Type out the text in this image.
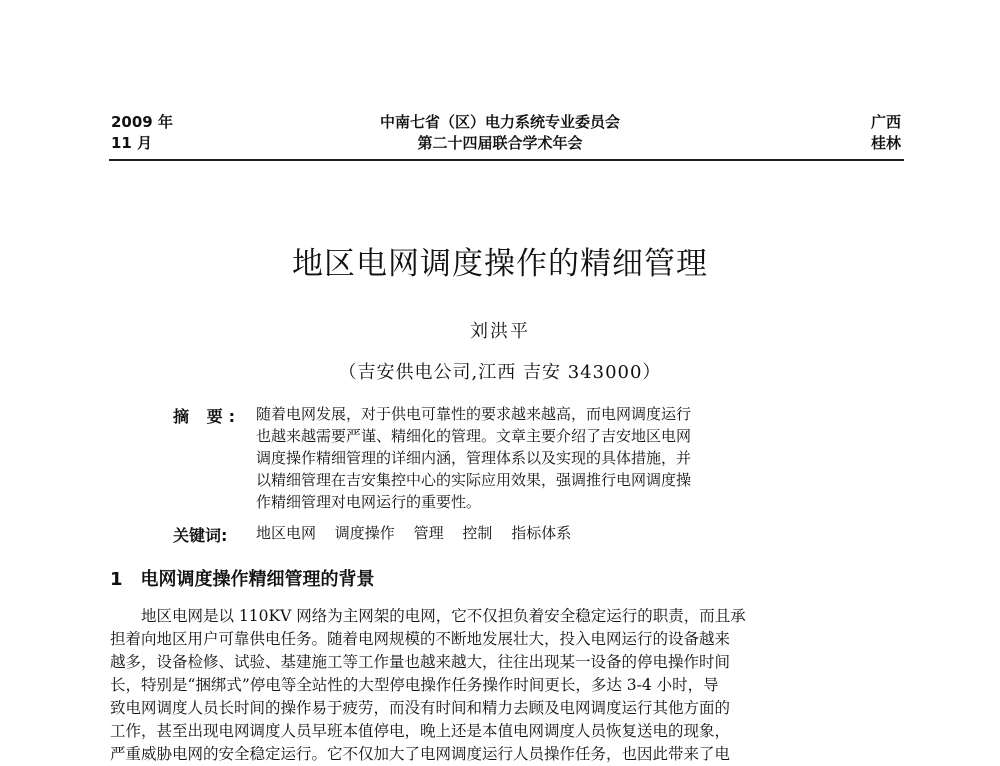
2009 年
11 月
中南七省（区）电力系统专业委员会
第二十四届联合学术年会
广西
桂林
地区电网调度操作的精细管理
刘洪平
（吉安供电公司,江西 吉安 343000）
摘 要: 随着电网发展，对于供电可靠性的要求越来越高，而电网调度运行
也越来越需要严谨、精细化的管理。文章主要介绍了吉安地区电网
调度操作精细管理的详细内涵，管理体系以及实现的具体措施，并
以精细管理在吉安集控中心的实际应用效果，强调推行电网调度操
作精细管理对电网运行的重要性。
关键词: 地区电网 调度操作 管理 控制 指标体系
1 电网调度操作精细管理的背景
　　地区电网是以 110KV 网络为主网架的电网，它不仅担负着安全稳定运行的职责，而且承
担着向地区用户可靠供电任务。随着电网规模的不断地发展壮大，投入电网运行的设备越来
越多，设备检修、试验、基建施工等工作量也越来越大，往往出现某一设备的停电操作时间
长，特别是“捆绑式”停电等全站性的大型停电操作任务操作时间更长，多达 3-4 小时，导
致电网调度人员长时间的操作易于疲劳，而没有时间和精力去顾及电网调度运行其他方面的
工作，甚至出现电网调度人员早班本值停电，晚上还是本值电网调度人员恢复送电的现象，
严重威胁电网的安全稳定运行。它不仅加大了电网调度运行人员操作任务，也因此带来了电
